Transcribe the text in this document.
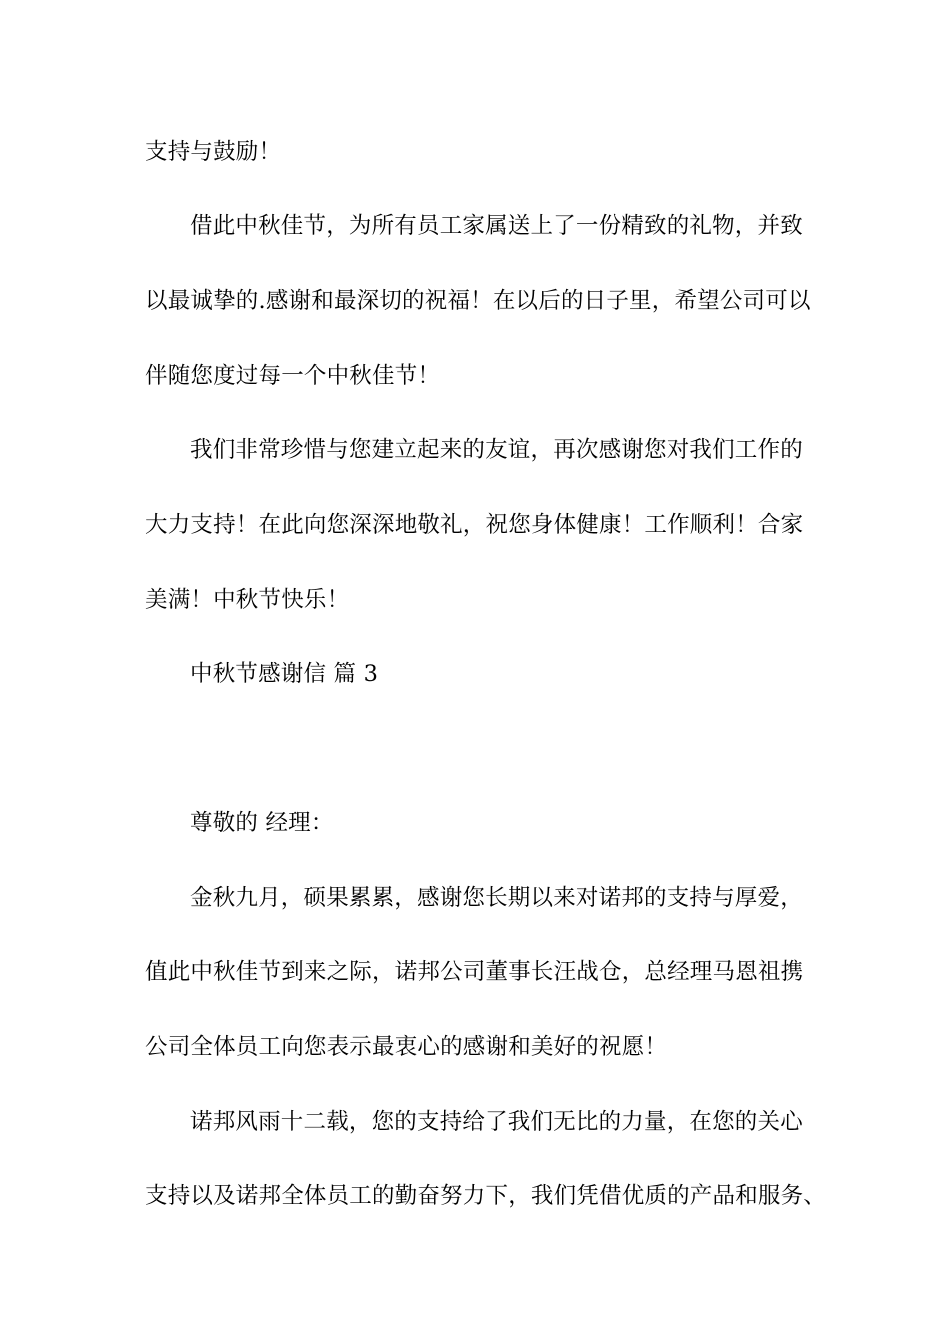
支持与鼓励！
借此中秋佳节，为所有员工家属送上了一份精致的礼物，并致
以最诚挚的.感谢和最深切的祝福！在以后的日子里，希望公司可以
伴随您度过每一个中秋佳节！
我们非常珍惜与您建立起来的友谊，再次感谢您对我们工作的
大力支持！在此向您深深地敬礼，祝您身体健康！工作顺利！合家
美满！中秋节快乐！
中秋节感谢信 篇 3
尊敬的 经理：
金秋九月，硕果累累，感谢您长期以来对诺邦的支持与厚爱，
值此中秋佳节到来之际，诺邦公司董事长汪战仓，总经理马恩祖携
公司全体员工向您表示最衷心的感谢和美好的祝愿！
诺邦风雨十二载，您的支持给了我们无比的力量，在您的关心
支持以及诺邦全体员工的勤奋努力下，我们凭借优质的产品和服务、
